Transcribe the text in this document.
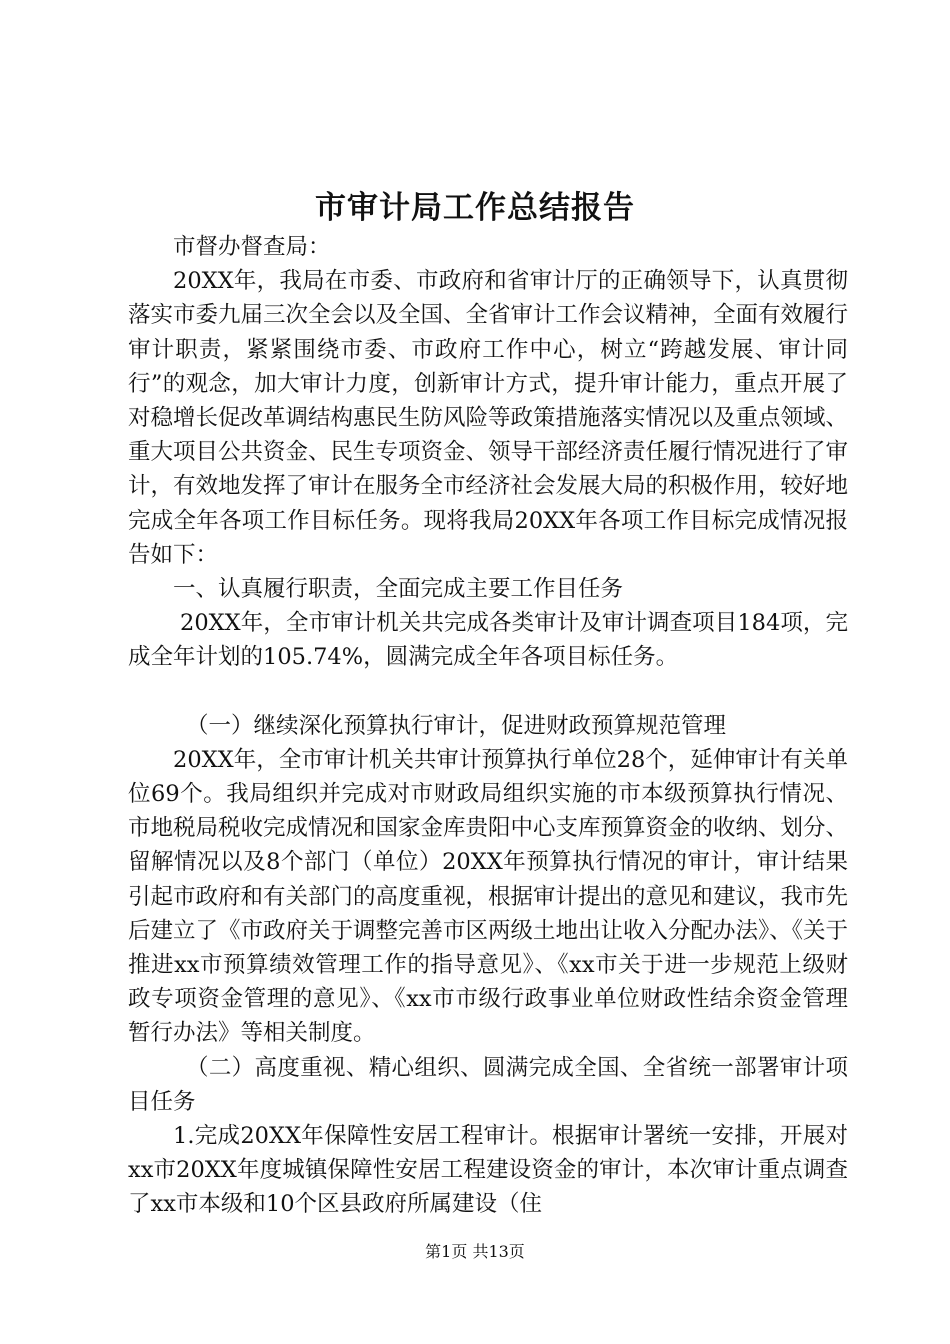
市审计局工作总结报告

市督办督查局：

20XX年，我局在市委、市政府和省审计厅的正确领导下，认真贯彻落实市委九届三次全会以及全国、全省审计工作会议精神，全面有效履行审计职责，紧紧围绕市委、市政府工作中心，树立“跨越发展、审计同行”的观念，加大审计力度，创新审计方式，提升审计能力，重点开展了对稳增长促改革调结构惠民生防风险等政策措施落实情况以及重点领域、重大项目公共资金、民生专项资金、领导干部经济责任履行情况进行了审计，有效地发挥了审计在服务全市经济社会发展大局的积极作用，较好地完成全年各项工作目标任务。现将我局20XX年各项工作目标完成情况报告如下：

一、认真履行职责，全面完成主要工作目任务

20XX年，全市审计机关共完成各类审计及审计调查项目184项，完成全年计划的105.74%，圆满完成全年各项目标任务。

（一）继续深化预算执行审计，促进财政预算规范管理

20XX年，全市审计机关共审计预算执行单位28个，延伸审计有关单位69个。我局组织并完成对市财政局组织实施的市本级预算执行情况、市地税局税收完成情况和国家金库贵阳中心支库预算资金的收纳、划分、留解情况以及8个部门（单位）20XX年预算执行情况的审计，审计结果引起市政府和有关部门的高度重视，根据审计提出的意见和建议，我市先后建立了《市政府关于调整完善市区两级土地出让收入分配办法》、《关于推进xx市预算绩效管理工作的指导意见》、《xx市关于进一步规范上级财政专项资金管理的意见》、《xx市市级行政事业单位财政性结余资金管理暂行办法》等相关制度。

（二）高度重视、精心组织、圆满完成全国、全省统一部署审计项目任务

1.完成20XX年保障性安居工程审计。根据审计署统一安排，开展对xx市20XX年度城镇保障性安居工程建设资金的审计，本次审计重点调查了xx市本级和10个区县政府所属建设（住

第1页 共13页
